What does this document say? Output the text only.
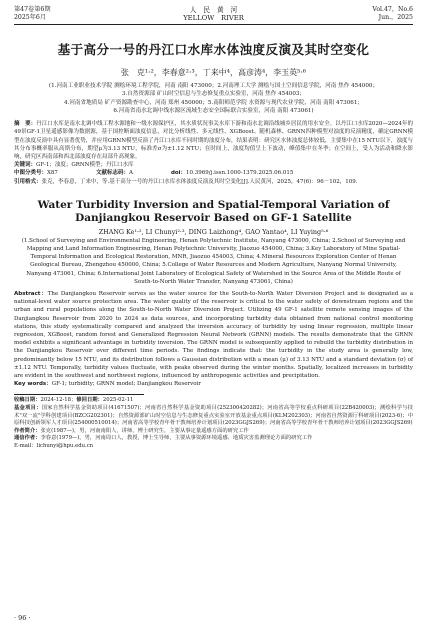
第47卷第6期
2025年6月
人　民　黄　河
YELLOW　RIVER
Vol.47，No.6
Jun.，2025
基于高分一号的丹江口水库水体浊度反演及其时空变化
张　克¹·²，李春意²·³，丁来中⁴，高彦涛⁴，李玉英⁵·⁶
(1.河南工业职业技术学院 测绘环境工程学院，河南 南阳 473000；2.河南理工大学 测绘与国土空间信息学院，河南 焦作 454000；
3.自然资源部 矿山时空信息与生态修复重点实验室，河南 焦作 454003；
4.河南省地质局 矿产资源勘查中心，河南 郑州 450000；5.南阳师范学院 水资源与现代农业学院，河南 南阳 473061；
6.河南省南水北调中线水源区流域生态安全国际联合实验室，河南 南阳 473061)
摘　要：丹江口水库是南水北调中线工程水源地和一级水源保护区，其水质状况事关水库下游和南水北调沿线城乡居民的用水安全。以丹江口水库2020—2024年的49景GF-1卫星遥感影像为数据源，基于国控断面浊度信息，对比分析线性、多元线性、XGBoost、随机森林、GRNN四种模型对浊度的反演精度，确定GRNN模型在浊度反演中具有显著优势，并应用GRNN模型反演了丹江口水库不同时期的浊度分布，结果表明：研究区水体浊度总体较低，主要集中在15 NTU以下，浊度与其分布事概率服从高斯分布，期望μ为3.13 NTU，标准差σ为±1.12 NTU；在时间上，浊度均值呈上下波动，峰值集中在冬季；在空间上，受人为活动和降水影响，研究区西南部和西北部浊度存在局部升高现象。
关键词：GF-1；浊度；GRNN模型；丹江口水库
中图分类号：X87	文献标志码：A	doi：10.3969/j.issn.1000-1379.2025.06.015
引用格式：张克，李春意，丁来中，等.基于高分一号的丹江口水库水体浊度反演及其时空变化[J].人民黄河，2025，47(6)：96－102，109.
Water Turbidity Inversion and Spatial-Temporal Variation of
Danjiangkou Reservoir Based on GF-1 Satellite
ZHANG Ke¹·², LI Chunyi²·³, DING Laizhong⁴, GAO Yantao⁴, LI Yuying⁵·⁶
(1.School of Surveying and Environmental Engineering, Henan Polytechnic Institute, Nanyang 473000, China; 2.School of Surveying and Mapping and Land Information Engineering, Henan Polytechnic University, Jiaozuo 454000, China; 3.Key Laboratory of Mine Spatial-Temporal Information and Ecological Restoration, MNR, Jiaozuo 454003, China; 4.Mineral Resources Exploration Center of Henan Geological Bureau, Zhengzhou 450000, China; 5.College of Water Resources and Modern Agriculture, Nanyang Normal University, Nanyang 473061, China; 6.International Joint Laboratory of Ecological Safety of Watershed in the Source Area of the Middle Route of South-to-North Water Transfer, Nanyang 473061, China)
Abstract：The Danjiangkou Reservoir serves as the water source for the South-to-North Water Diversion Project and is designated as a national-level water source protection area. The water quality of the reservoir is critical to the water safety of downstream regions and the urban and rural populations along the South-to-North Water Diversion Project. Utilizing 49 GF-1 satellite remote sensing images of the Danjiangkou Reservoir from 2020 to 2024 as data sources, and incorporating turbidity data obtained from national control monitoring stations, this study systematically compared and analyzed the inversion accuracy of turbidity by using linear regression, multiple linear regression, XGBoost, random forest and Generalized Regression Neural Network (GRNN) models. The results demonstrate that the GRNN model exhibits a significant advantage in turbidity inversion. The GRNN model is subsequently applied to rebuild the turbidity distribution in the Danjiangkou Reservoir over different time periods. The findings indicate that: the turbidity in the study area is generally low, predominantly below 15 NTU, and its distribution follows a Gaussian distribution with a mean (μ) of 3.13 NTU and a standard deviation (σ) of ±1.12 NTU. Temporally, turbidity values fluctuate, with peaks observed during the winter months. Spatially, localized increases in turbidity are evident in the southwest and northwest regions, influenced by anthropogenic activities and precipitation.
Key words：GF-1; turbidity; GRNN model; Danjiangkou Reservoir
收稿日期：2024-12-18；修回日期：2025-02-11
基金项目：国家自然科学基金资助项目(41671507)；河南省自然科学基金资助项目(252300420282)；河南省高等学校重点科研项目(22B420003)；测绘科学与技术"双一流"学科创建项目(BZCG202301)；自然资源部矿山时空信息与生态修复重点实验室开放基金重点项目(KLM202303)；河南省自然资源厅科研项目(2023-6)；中原科技创新领军人才项目(254000510014)；河南省高等学校青年骨干教师培养计划项目(2023GGJS269)；河南省高等学校青年骨干教师培养计划项目(2023GGJS269)
作者简介：张克(1987—)，男，河南南阳人，讲师，博士研究生，主要从事定量遥感方面的研究工作
通信作者：李春意(1979—)，男，河南周口人，教授，博士生导师，主要从事资源环境遥感、地质灾害监测理论方面的研究工作
E-mail：lichunyi@hpu.edu.cn
· 96 ·
